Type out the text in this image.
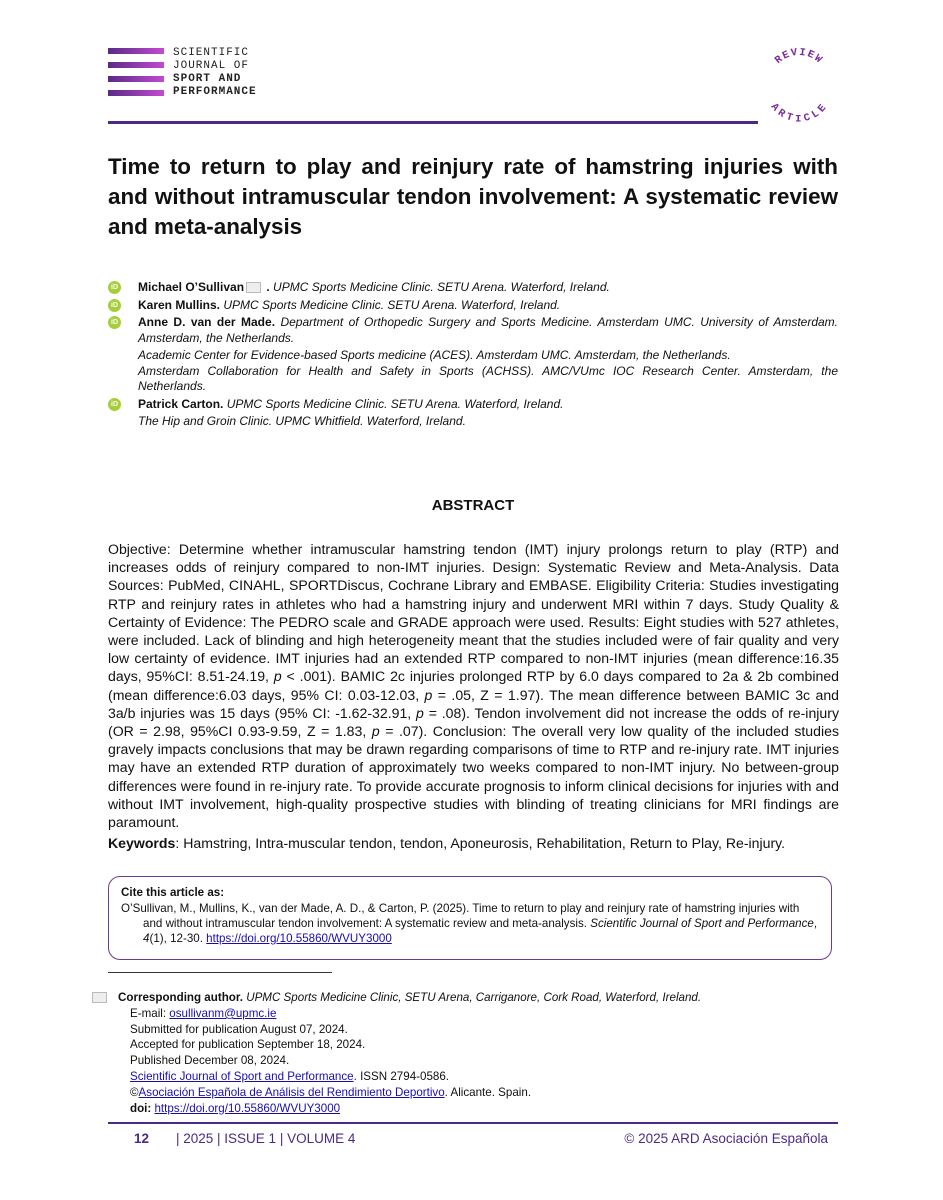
SCIENTIFIC
JOURNAL OF
SPORT AND
PERFORMANCE
REVIEW
ARTICLE
Time to return to play and reinjury rate of hamstring injuries with and without intramuscular tendon involvement: A systematic review and meta-analysis
iD Michael O’Sullivan . UPMC Sports Medicine Clinic. SETU Arena. Waterford, Ireland.
iD Karen Mullins. UPMC Sports Medicine Clinic. SETU Arena. Waterford, Ireland.
iD Anne D. van der Made. Department of Orthopedic Surgery and Sports Medicine. Amsterdam UMC. University of Amsterdam. Amsterdam, the Netherlands.
Academic Center for Evidence-based Sports medicine (ACES). Amsterdam UMC. Amsterdam, the Netherlands.
Amsterdam Collaboration for Health and Safety in Sports (ACHSS). AMC/VUmc IOC Research Center. Amsterdam, the Netherlands.
iD Patrick Carton. UPMC Sports Medicine Clinic. SETU Arena. Waterford, Ireland.
The Hip and Groin Clinic. UPMC Whitfield. Waterford, Ireland.
ABSTRACT
Objective: Determine whether intramuscular hamstring tendon (IMT) injury prolongs return to play (RTP) and increases odds of reinjury compared to non-IMT injuries. Design: Systematic Review and Meta-Analysis. Data Sources: PubMed, CINAHL, SPORTDiscus, Cochrane Library and EMBASE. Eligibility Criteria: Studies investigating RTP and reinjury rates in athletes who had a hamstring injury and underwent MRI within 7 days. Study Quality & Certainty of Evidence: The PEDRO scale and GRADE approach were used. Results: Eight studies with 527 athletes, were included. Lack of blinding and high heterogeneity meant that the studies included were of fair quality and very low certainty of evidence. IMT injuries had an extended RTP compared to non-IMT injuries (mean difference:16.35 days, 95%CI: 8.51-24.19, p < .001). BAMIC 2c injuries prolonged RTP by 6.0 days compared to 2a & 2b combined (mean difference:6.03 days, 95% CI: 0.03-12.03, p = .05, Z = 1.97). The mean difference between BAMIC 3c and 3a/b injuries was 15 days (95% CI: -1.62-32.91, p = .08). Tendon involvement did not increase the odds of re-injury (OR = 2.98, 95%CI 0.93-9.59, Z = 1.83, p = .07). Conclusion: The overall very low quality of the included studies gravely impacts conclusions that may be drawn regarding comparisons of time to RTP and re-injury rate. IMT injuries may have an extended RTP duration of approximately two weeks compared to non-IMT injury. No between-group differences were found in re-injury rate. To provide accurate prognosis to inform clinical decisions for injuries with and without IMT involvement, high-quality prospective studies with blinding of treating clinicians for MRI findings are paramount.
Keywords: Hamstring, Intra-muscular tendon, tendon, Aponeurosis, Rehabilitation, Return to Play, Re-injury.
Cite this article as:
O’Sullivan, M., Mullins, K., van der Made, A. D., & Carton, P. (2025). Time to return to play and reinjury rate of hamstring injuries with and without intramuscular tendon involvement: A systematic review and meta-analysis. Scientific Journal of Sport and Performance, 4(1), 12-30. https://doi.org/10.55860/WVUY3000
Corresponding author. UPMC Sports Medicine Clinic, SETU Arena, Carriganore, Cork Road, Waterford, Ireland.
E-mail: osullivanm@upmc.ie
Submitted for publication August 07, 2024.
Accepted for publication September 18, 2024.
Published December 08, 2024.
Scientific Journal of Sport and Performance. ISSN 2794-0586.
©Asociación Española de Análisis del Rendimiento Deportivo. Alicante. Spain.
doi: https://doi.org/10.55860/WVUY3000
12 | 2025 | ISSUE 1 | VOLUME 4	© 2025 ARD Asociación Española
